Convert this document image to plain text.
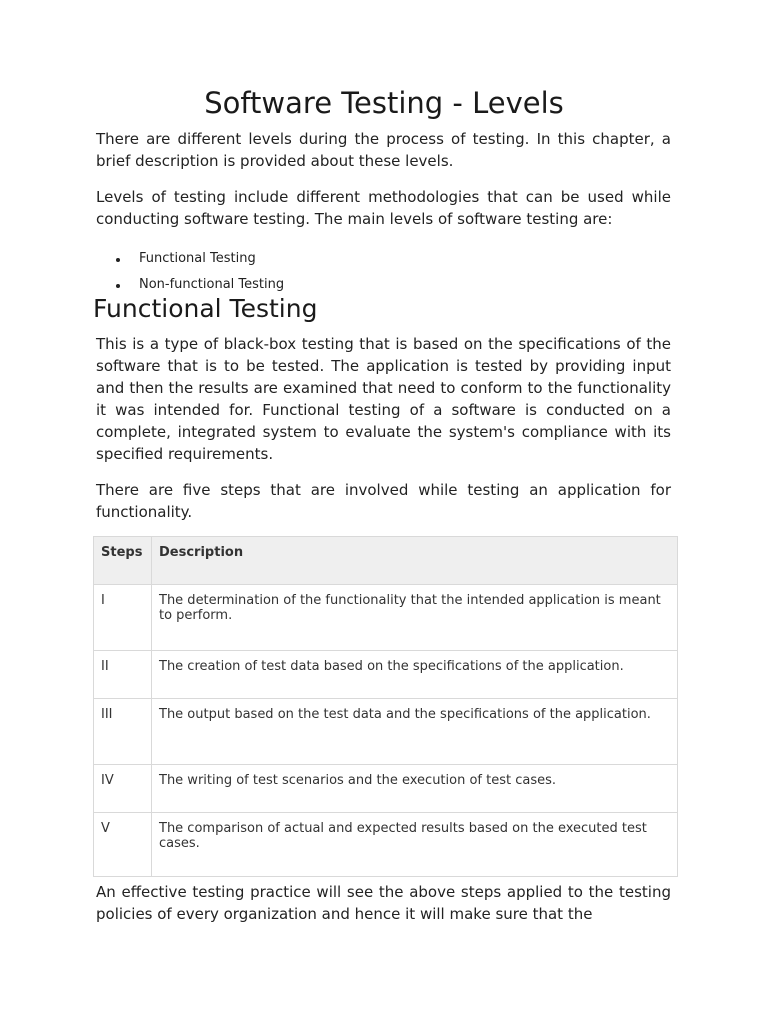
Software Testing - Levels

There are different levels during the process of testing. In this chapter, a brief description is provided about these levels.

Levels of testing include different methodologies that can be used while conducting software testing. The main levels of software testing are:

Functional Testing
Non-functional Testing
Functional Testing

This is a type of black-box testing that is based on the specifications of the software that is to be tested. The application is tested by providing input and then the results are examined that need to conform to the functionality it was intended for. Functional testing of a software is conducted on a complete, integrated system to evaluate the system's compliance with its specified requirements.

There are five steps that are involved while testing an application for functionality.

Steps	Description
I	The determination of the functionality that the intended application is meant to perform.
II	The creation of test data based on the specifications of the application.
III	The output based on the test data and the specifications of the application.
IV	The writing of test scenarios and the execution of test cases.
V	The comparison of actual and expected results based on the executed test cases.

An effective testing practice will see the above steps applied to the testing policies of every organization and hence it will make sure that the
